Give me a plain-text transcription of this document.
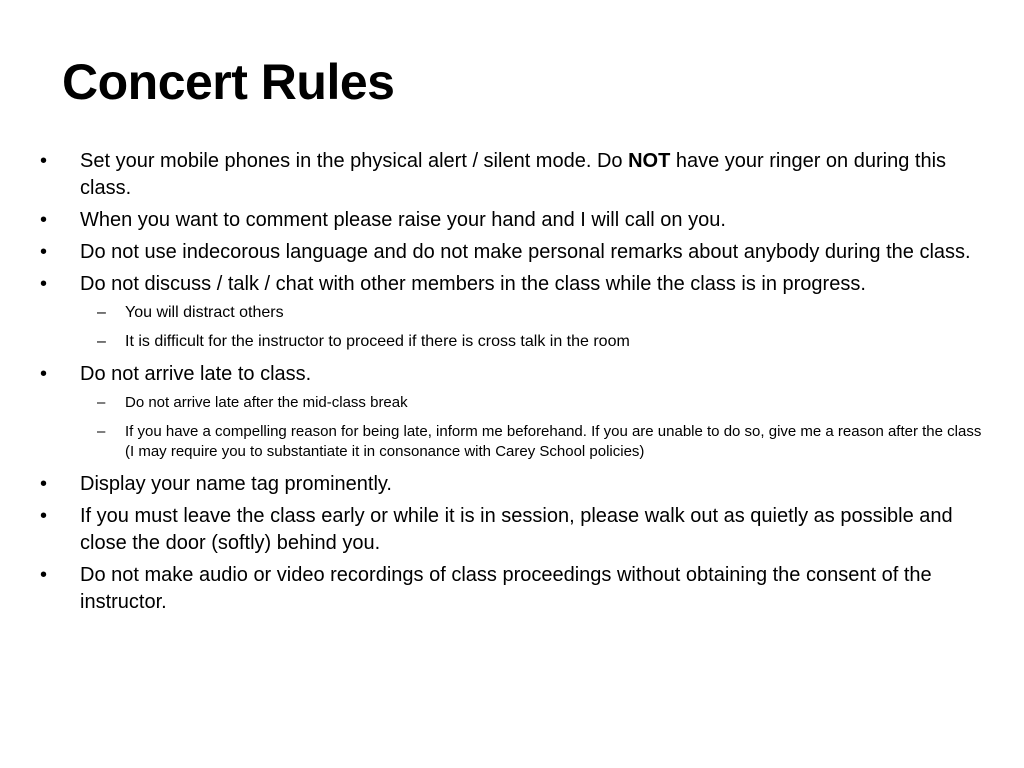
Concert Rules
• Set your mobile phones in the physical alert / silent mode. Do NOT have your ringer on during this class.
• When you want to comment please raise your hand and I will call on you.
• Do not use indecorous language and do not make personal remarks about anybody during the class.
• Do not discuss / talk / chat with other members in the class while the class is in progress.
– You will distract others
– It is difficult for the instructor to proceed if there is cross talk in the room
• Do not arrive late to class.
– Do not arrive late after the mid-class break
– If you have a compelling reason for being late, inform me beforehand. If you are unable to do so, give me a reason after the class (I may require you to substantiate it in consonance with Carey School policies)
• Display your name tag prominently.
• If you must leave the class early or while it is in session, please walk out as quietly as possible and close the door (softly) behind you.
• Do not make audio or video recordings of class proceedings without obtaining the consent of the instructor.
